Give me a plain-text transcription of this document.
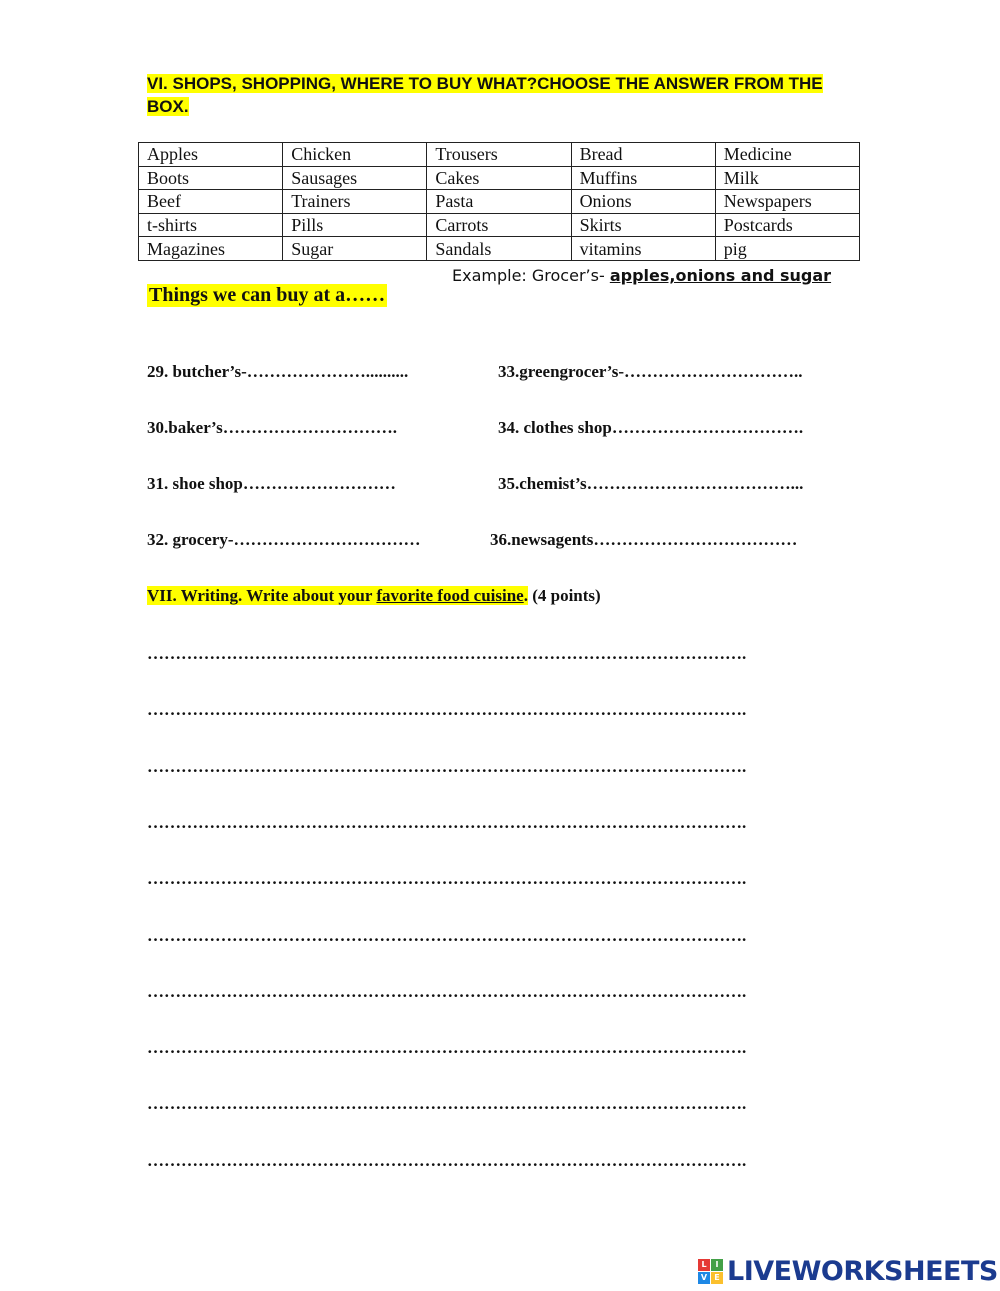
VI. SHOPS, SHOPPING, WHERE TO BUY WHAT?CHOOSE THE ANSWER FROM THE BOX.
Apples	Chicken	Trousers	Bread	Medicine
Boots	Sausages	Cakes	Muffins	Milk
Beef	Trainers	Pasta	Onions	Newspapers
t-shirts	Pills	Carrots	Skirts	Postcards
Magazines	Sugar	Sandals	vitamins	pig
Example: Grocer’s- apples,onions and sugar
Things we can buy at a……
29. butcher’s-…………………..........
30.baker’s………………………….
31. shoe shop………………………
32. grocery-……………………………
33.greengrocer’s-…………………………..
34. clothes shop…………………………….
35.chemist’s………………………………...
36.newsagents………………………………
VII. Writing. Write about your favorite food cuisine. (4 points)
…………………………………………………………………………………………….
…………………………………………………………………………………………….
…………………………………………………………………………………………….
…………………………………………………………………………………………….
…………………………………………………………………………………………….
…………………………………………………………………………………………….
…………………………………………………………………………………………….
…………………………………………………………………………………………….
…………………………………………………………………………………………….
…………………………………………………………………………………………….
L	I
V E LIVEWORKSHEETS
